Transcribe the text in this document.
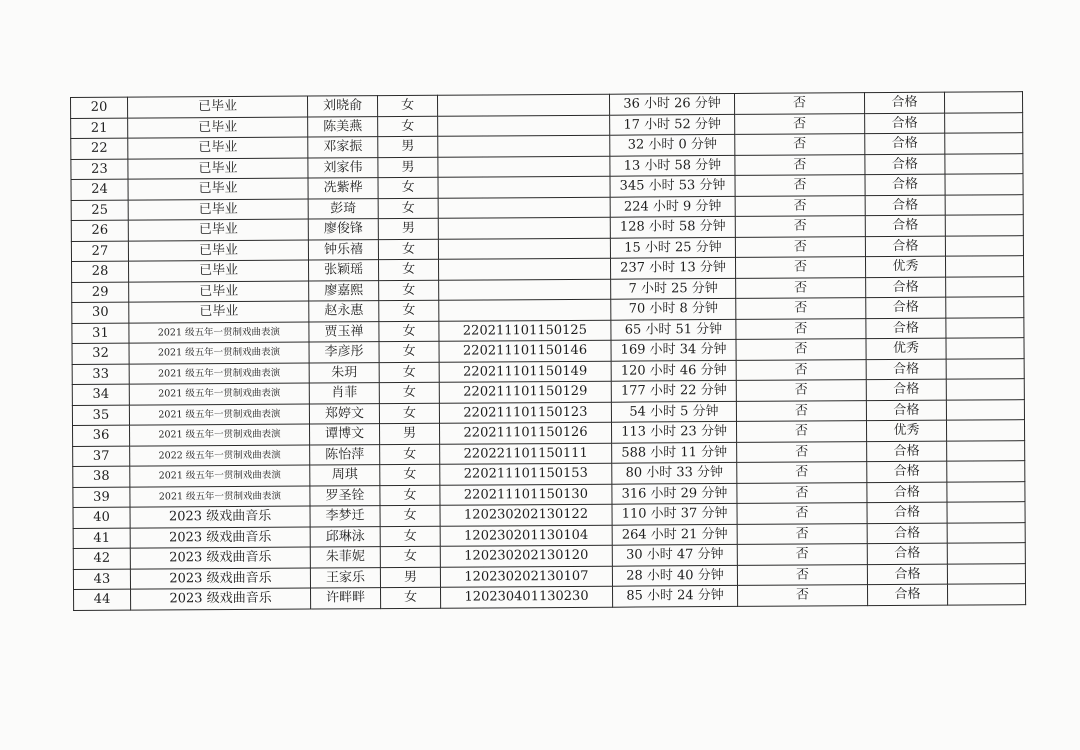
20	已毕业	刘晓俞	女		36 小时 26 分钟	否	合格	
21	已毕业	陈美燕	女		17 小时 52 分钟	否	合格	
22	已毕业	邓家振	男		32 小时 0 分钟	否	合格	
23	已毕业	刘家伟	男		13 小时 58 分钟	否	合格	
24	已毕业	冼紫桦	女		345 小时 53 分钟	否	合格	
25	已毕业	彭琦	女		224 小时 9 分钟	否	合格	
26	已毕业	廖俊锋	男		128 小时 58 分钟	否	合格	
27	已毕业	钟乐禧	女		15 小时 25 分钟	否	合格	
28	已毕业	张颖瑶	女		237 小时 13 分钟	否	优秀	
29	已毕业	廖嘉熙	女		7 小时 25 分钟	否	合格	
30	已毕业	赵永惠	女		70 小时 8 分钟	否	合格	
31	2021 级五年一贯制戏曲表演	贾玉禅	女	220211101150125	65 小时 51 分钟	否	合格	
32	2021 级五年一贯制戏曲表演	李彦彤	女	220211101150146	169 小时 34 分钟	否	优秀	
33	2021 级五年一贯制戏曲表演	朱玥	女	220211101150149	120 小时 46 分钟	否	合格	
34	2021 级五年一贯制戏曲表演	肖菲	女	220211101150129	177 小时 22 分钟	否	合格	
35	2021 级五年一贯制戏曲表演	郑婷文	女	220211101150123	54 小时 5 分钟	否	合格	
36	2021 级五年一贯制戏曲表演	谭博文	男	220211101150126	113 小时 23 分钟	否	优秀	
37	2022 级五年一贯制戏曲表演	陈怡萍	女	220221101150111	588 小时 11 分钟	否	合格	
38	2021 级五年一贯制戏曲表演	周琪	女	220211101150153	80 小时 33 分钟	否	合格	
39	2021 级五年一贯制戏曲表演	罗圣铨	女	220211101150130	316 小时 29 分钟	否	合格	
40	2023 级戏曲音乐	李梦迁	女	120230202130122	110 小时 37 分钟	否	合格	
41	2023 级戏曲音乐	邱琳泳	女	120230201130104	264 小时 21 分钟	否	合格	
42	2023 级戏曲音乐	朱菲妮	女	120230202130120	30 小时 47 分钟	否	合格	
43	2023 级戏曲音乐	王家乐	男	120230202130107	28 小时 40 分钟	否	合格	
44	2023 级戏曲音乐	许畔畔	女	120230401130230	85 小时 24 分钟	否	合格	
